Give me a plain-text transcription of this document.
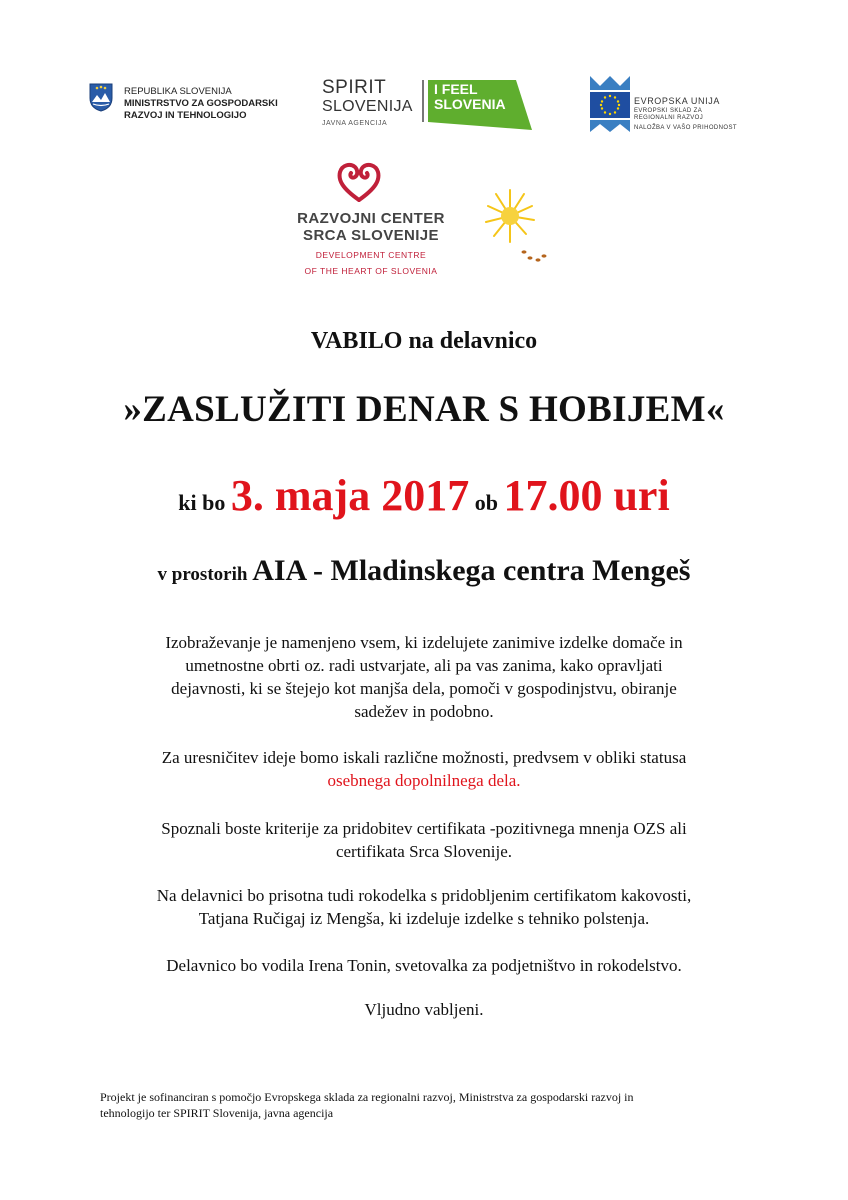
REPUBLIKA SLOVENIJA
MINISTRSTVO ZA GOSPODARSKI
RAZVOJ IN TEHNOLOGIJO
SPIRIT
SLOVENIJA
JAVNA AGENCIJA
I FEEL
SLOVENIA	EVROPSKA UNIJA
EVROPSKI SKLAD ZA
REGIONALNI RAZVOJ
NALOŽBA V VAŠO PRIHODNOST
RAZVOJNI CENTER
SRCA SLOVENIJE
DEVELOPMENT CENTRE
OF THE HEART OF SLOVENIA
VABILO na delavnico
»ZASLUŽITI DENAR S HOBIJEM«
ki bo 3. maja 2017 ob 17.00 uri
v prostorih AIA - Mladinskega centra Mengeš
Izobraževanje je namenjeno vsem, ki izdelujete zanimive izdelke domače in
umetnostne obrti oz. radi ustvarjate, ali pa vas zanima, kako opravljati
dejavnosti, ki se štejejo kot manjša dela, pomoči v gospodinjstvu, obiranje
sadežev in podobno.
Za uresničitev ideje bomo iskali različne možnosti, predvsem v obliki statusa
osebnega dopolnilnega dela.
Spoznali boste kriterije za pridobitev certifikata -pozitivnega mnenja OZS ali
certifikata Srca Slovenije.
Na delavnici bo prisotna tudi rokodelka s pridobljenim certifikatom kakovosti,
Tatjana Ručigaj iz Mengša, ki izdeluje izdelke s tehniko polstenja.
Delavnico bo vodila Irena Tonin, svetovalka za podjetništvo in rokodelstvo.
Vljudno vabljeni.
Projekt je sofinanciran s pomočjo Evropskega sklada za regionalni razvoj, Ministrstva za gospodarski razvoj in
tehnologijo ter SPIRIT Slovenija, javna agencija
